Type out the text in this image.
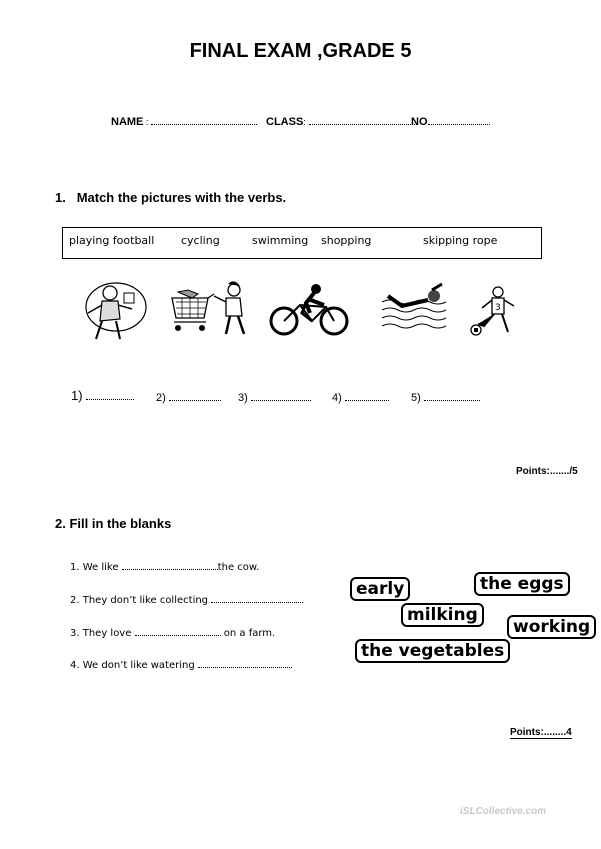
FINAL EXAM ,GRADE 5
NAME :	CLASS:	NO
1. Match the pictures with the verbs.
playing football cycling	swimming shopping	skipping rope
3
1)	2)	3)	4)	5)
Points:......./5
2. Fill in the blanks
1. We like	the cow.
2. They don’t like collecting
3. They love	on a farm.
4. We don’t like watering
early	the eggs
milking
working
the vegetables
Points:........4
iSLCollective.com
